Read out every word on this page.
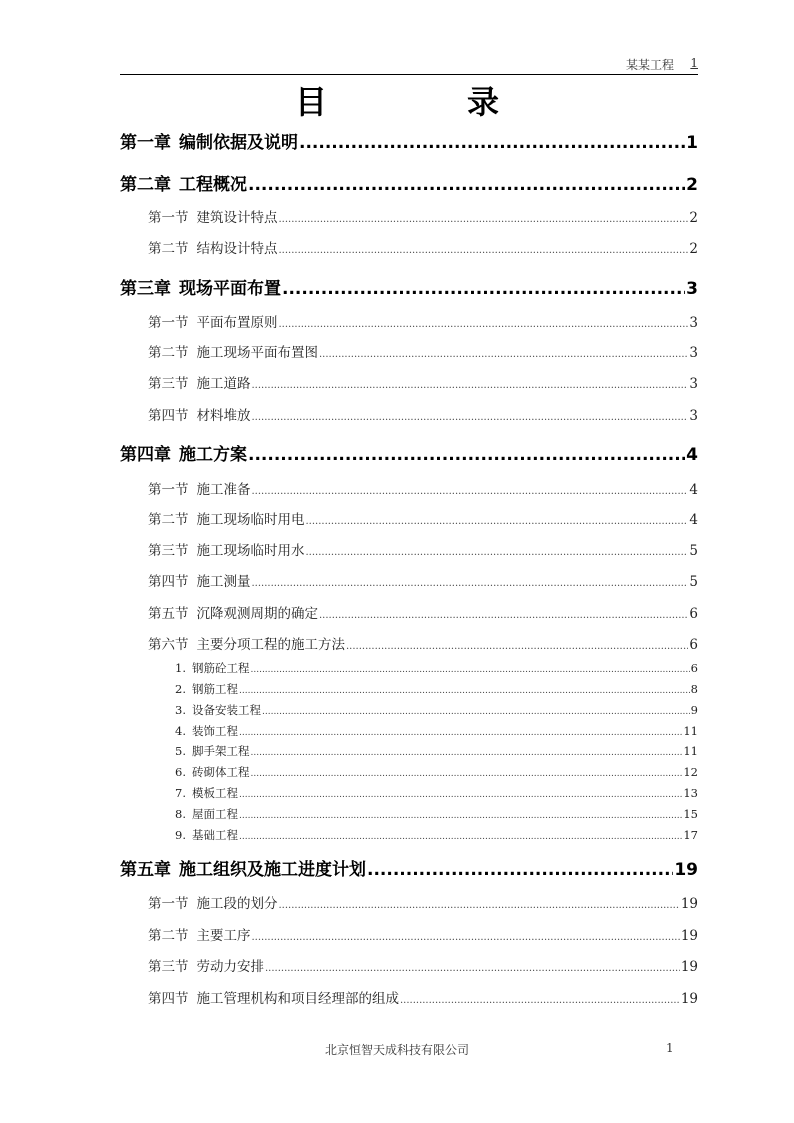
某某工程 1
目	录
第一章 编制依据及说明 .....	1
第二章 工程概况 .....	2
第一节 建筑设计特点 .....	2
第二节 结构设计特点 .....	2
第三章 现场平面布置 .....	3
第一节 平面布置原则 .....	3
第二节 施工现场平面布置图 .....	3
第三节 施工道路 .....	3
第四节 材料堆放 .....	3
第四章 施工方案 .....	4
第一节 施工准备 .....	4
第二节 施工现场临时用电 .....	4
第三节 施工现场临时用水 .....	5
第四节 施工测量 .....	5
第五节 沉降观测周期的确定 .....	6
第六节 主要分项工程的施工方法 .....	6
1. 钢筋砼工程 .....	6
2. 钢筋工程 .....	8
3. 设备安装工程 .....	9
4. 装饰工程 .....	11
5. 脚手架工程 .....	11
6. 砖砌体工程 .....	12
7. 模板工程 .....	13
8. 屋面工程 .....	15
9. 基础工程 .....	17
第五章 施工组织及施工进度计划 .....	19
第一节 施工段的划分 .....	19
第二节 主要工序 .....	19
第三节 劳动力安排 .....	19
第四节 施工管理机构和项目经理部的组成 .....	19
北京恒智天成科技有限公司	1
